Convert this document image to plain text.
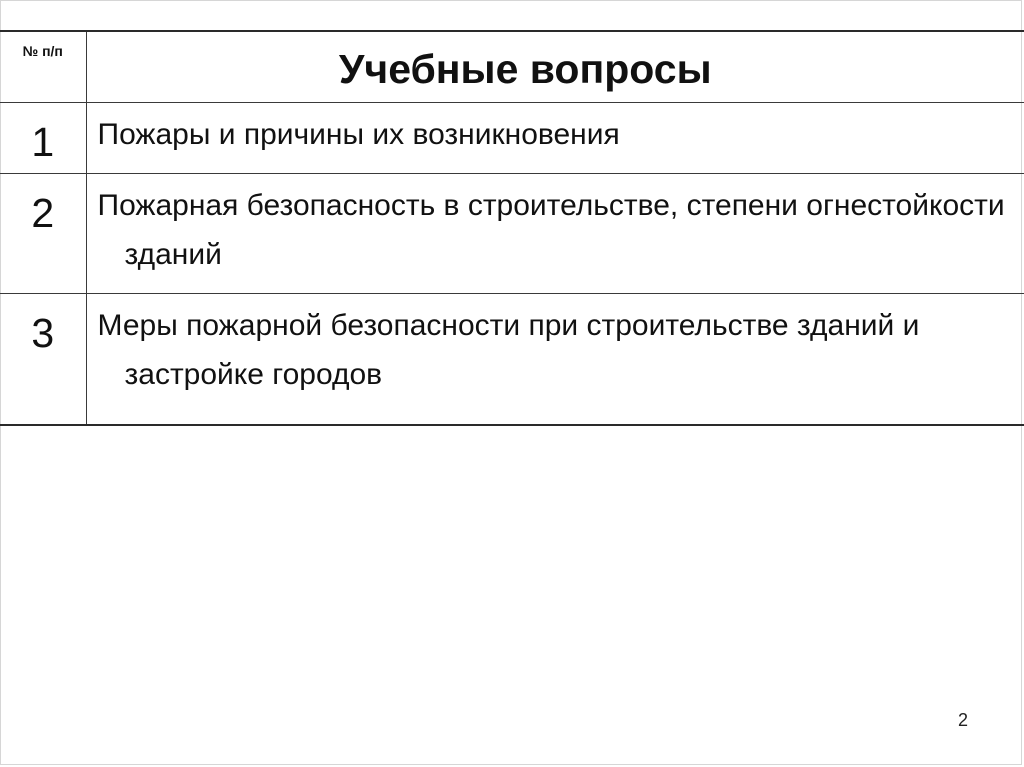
№ п/п	Учебные вопросы

1	Пожары и причины их возникновения

2	Пожарная безопасность в строительстве, степени огнестойкости зданий

3	Меры пожарной безопасности при строительстве зданий и застройке городов
2
